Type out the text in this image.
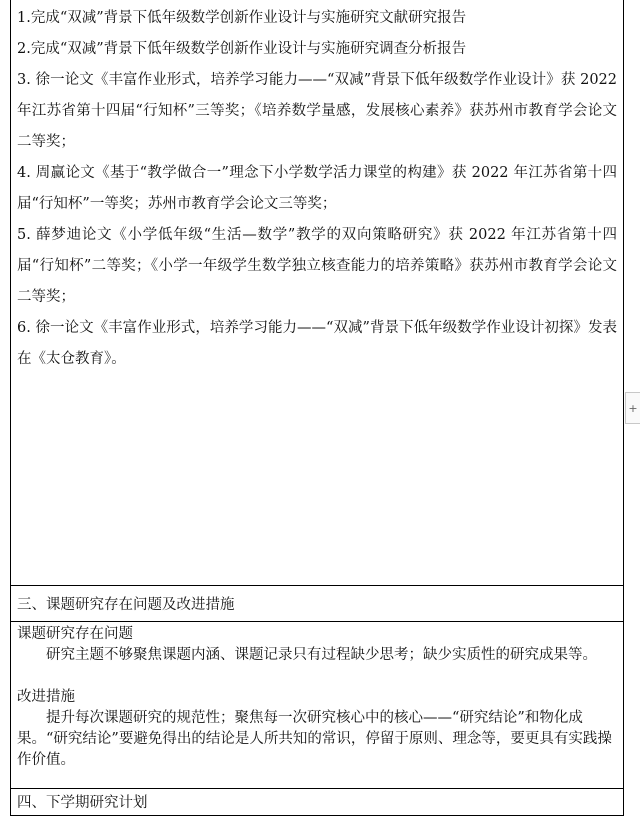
1.完成“双减”背景下低年级数学创新作业设计与实施研究文献研究报告

2.完成“双减”背景下低年级数学创新作业设计与实施研究调查分析报告

3. 徐一论文《丰富作业形式，培养学习能力——“双减”背景下低年级数学作业设计》获 2022 年江苏省第十四届“行知杯”三等奖；《培养数学量感，发展核心素养》获苏州市教育学会论文二等奖；

4. 周赢论文《基于“教学做合一”理念下小学数学活力课堂的构建》获 2022 年江苏省第十四届“行知杯”一等奖；苏州市教育学会论文三等奖；

5. 薛梦迪论文《小学低年级“生活—数学”教学的双向策略研究》获 2022 年江苏省第十四届“行知杯”二等奖；《小学一年级学生数学独立核查能力的培养策略》获苏州市教育学会论文二等奖；

6. 徐一论文《丰富作业形式，培养学习能力——“双减”背景下低年级数学作业设计初探》发表在《太仓教育》。

三、课题研究存在问题及改进措施

课题研究存在问题

研究主题不够聚焦课题内涵、课题记录只有过程缺少思考；缺少实质性的研究成果等。

改进措施

提升每次课题研究的规范性；聚焦每一次研究核心中的核心——“研究结论”和物化成果。“研究结论”要避免得出的结论是人所共知的常识，停留于原则、理念等，要更具有实践操作价值。

四、下学期研究计划
+
